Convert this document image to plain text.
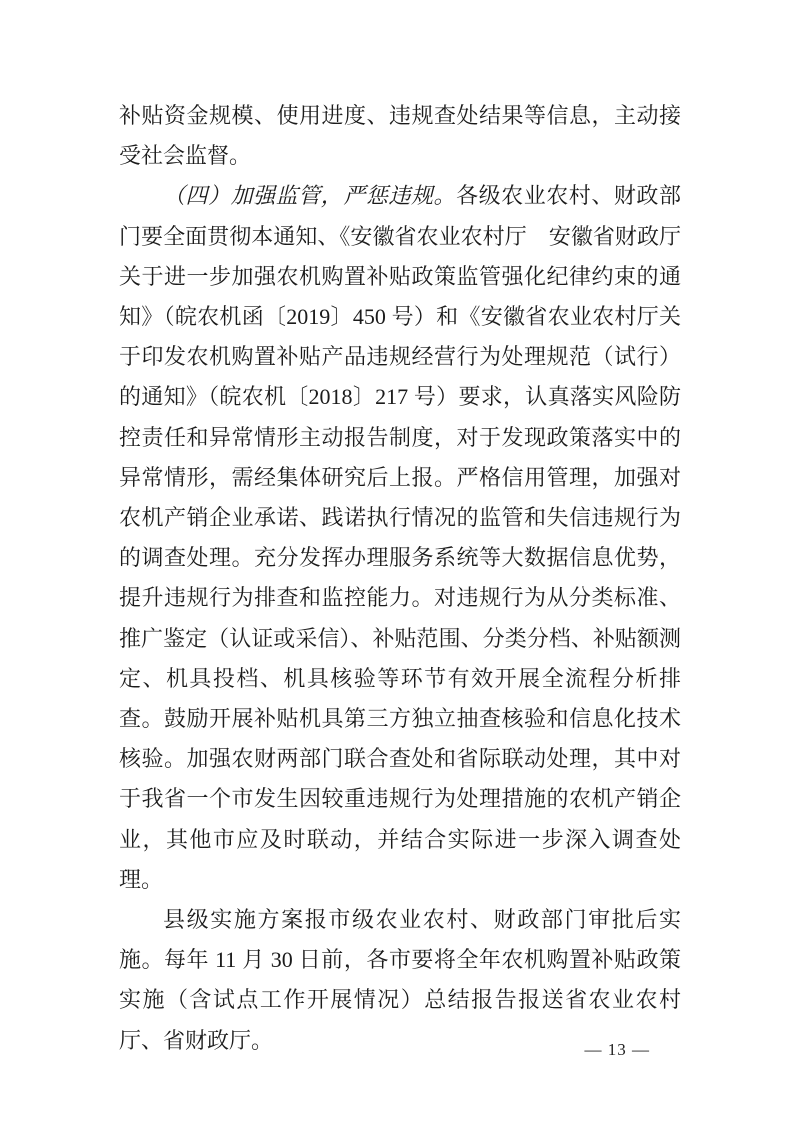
补贴资金规模、使用进度、违规查处结果等信息，主动接受社会监督。

（四）加强监管，严惩违规。各级农业农村、财政部门要全面贯彻本通知、《安徽省农业农村厅　安徽省财政厅关于进一步加强农机购置补贴政策监管强化纪律约束的通知》（皖农机函〔2019〕450 号）和《安徽省农业农村厅关于印发农机购置补贴产品违规经营行为处理规范（试行）的通知》（皖农机〔2018〕217 号）要求，认真落实风险防控责任和异常情形主动报告制度，对于发现政策落实中的异常情形，需经集体研究后上报。严格信用管理，加强对农机产销企业承诺、践诺执行情况的监管和失信违规行为的调查处理。充分发挥办理服务系统等大数据信息优势，提升违规行为排查和监控能力。对违规行为从分类标准、推广鉴定（认证或采信）、补贴范围、分类分档、补贴额测定、机具投档、机具核验等环节有效开展全流程分析排查。鼓励开展补贴机具第三方独立抽查核验和信息化技术核验。加强农财两部门联合查处和省际联动处理，其中对于我省一个市发生因较重违规行为处理措施的农机产销企业，其他市应及时联动，并结合实际进一步深入调查处理。

县级实施方案报市级农业农村、财政部门审批后实施。每年 11 月 30 日前，各市要将全年农机购置补贴政策实施（含试点工作开展情况）总结报告报送省农业农村厅、省财政厅。	— 13 —
